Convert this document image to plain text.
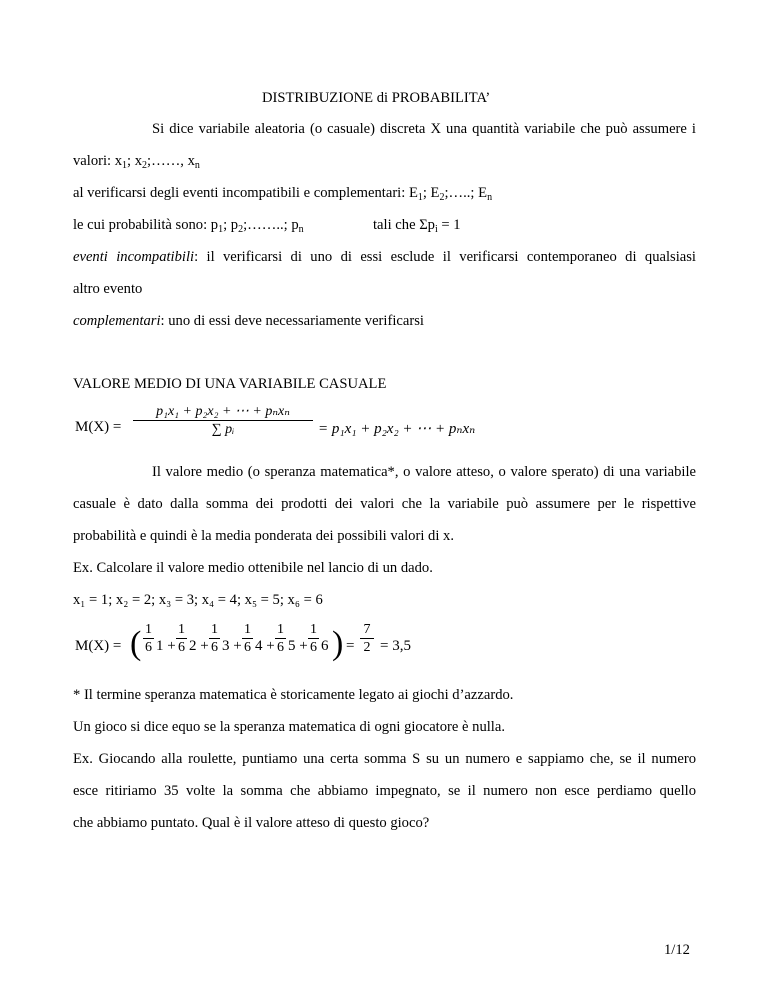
DISTRIBUZIONE di PROBABILITA’
Si dice variabile aleatoria (o casuale) discreta X una quantità variabile che può assumere i
valori: $x_1$; $x_2;\dots\dots$, $x_n$
al verificarsi degli eventi incompatibili e complementari: $E_1$; $E_2;\dots$..; $E_n$
le cui probabilità sono: $p_1$; $p_2;\dots\dots$..; $p_n$	tali che $\Sigma p_i = 1$
eventi incompatibili: il verificarsi di uno di essi esclude il verificarsi contemporaneo di qualsiasi
altro evento
complementari: uno di essi deve necessariamente verificarsi
VALORE MEDIO DI UNA VARIABILE CASUALE
M(X) =
p₁x₁ + p₂x₂ + ⋯ + pₙxₙ
∑ pᵢ	= p₁x₁ + p₂x₂ + ⋯ + pₙxₙ
Il valore medio (o speranza matematica*, o valore atteso, o valore sperato) di una variabile
casuale è dato dalla somma dei prodotti dei valori che la variabile può assumere per le rispettive
probabilità e quindi è la media ponderata dei possibili valori di x.
Ex. Calcolare il valore medio ottenibile nel lancio di un dado.
x₁ = 1; x₂ = 2; x₃ = 3; x₄ = 4; x₅ = 5; x₆ = 6
M(X) = ( 1
6 1 +
1
6 2 +
1
6 3 +
1
6 4 +
1
6 5 +
1
6 6 ) =
7
2 = 3,5
* Il termine speranza matematica è storicamente legato ai giochi d’azzardo.
Un gioco si dice equo se la speranza matematica di ogni giocatore è nulla.
Ex. Giocando alla roulette, puntiamo una certa somma S su un numero e sappiamo che, se il numero
esce ritiriamo 35 volte la somma che abbiamo impegnato, se il numero non esce perdiamo quello
che abbiamo puntato. Qual è il valore atteso di questo gioco?
1/12
